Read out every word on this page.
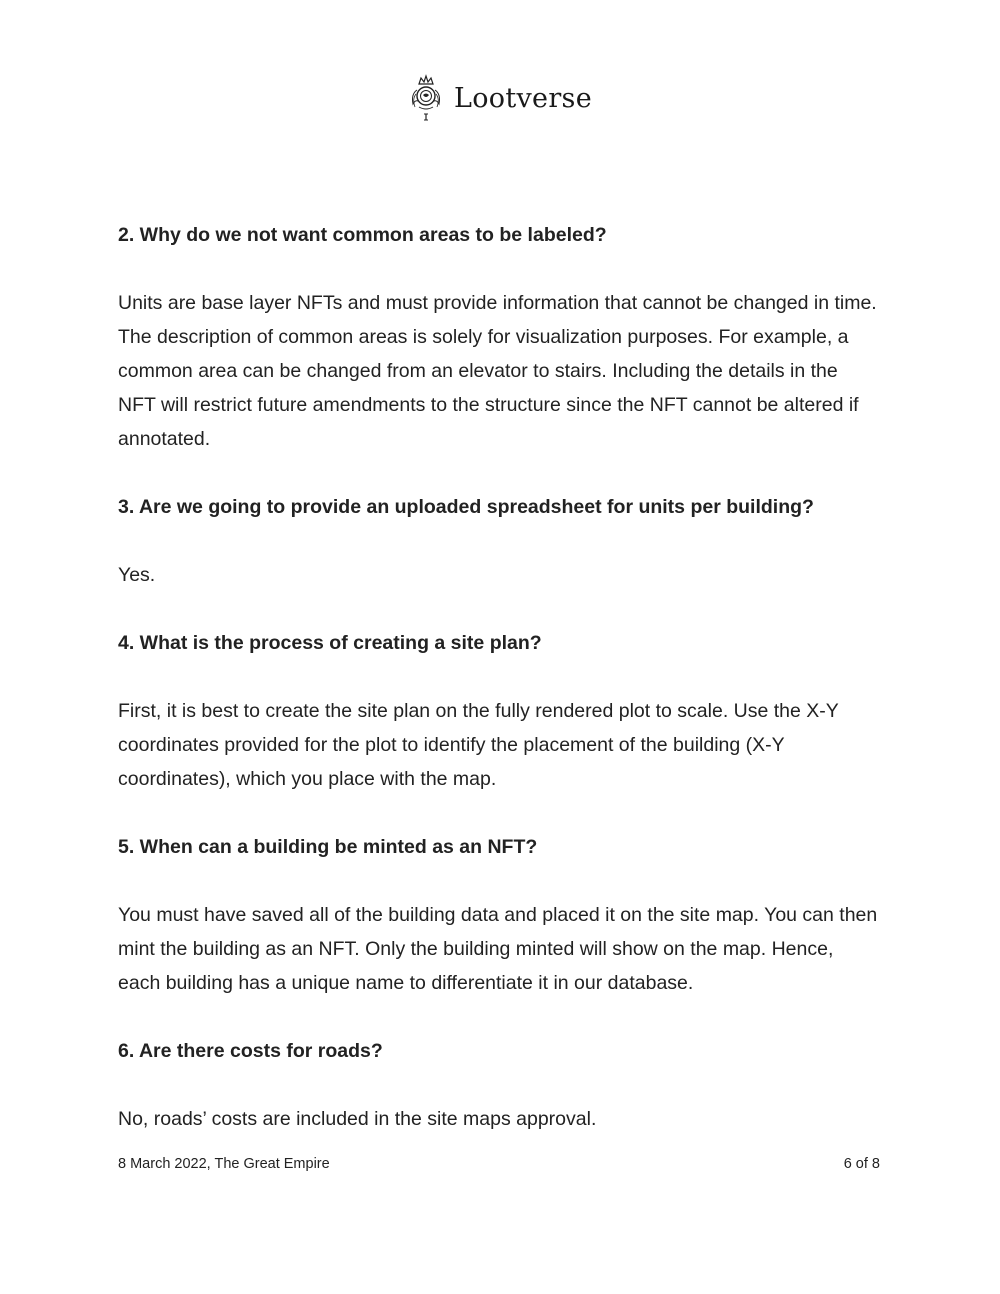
Lootverse

2. Why do we not want common areas to be labeled?

Units are base layer NFTs and must provide information that cannot be changed in time.

The description of common areas is solely for visualization purposes. For example, a

common area can be changed from an elevator to stairs. Including the details in the

NFT will restrict future amendments to the structure since the NFT cannot be altered if

annotated.

3. Are we going to provide an uploaded spreadsheet for units per building?

Yes.

4. What is the process of creating a site plan?

First, it is best to create the site plan on the fully rendered plot to scale. Use the X-Y

coordinates provided for the plot to identify the placement of the building (X-Y

coordinates), which you place with the map.

5. When can a building be minted as an NFT?

You must have saved all of the building data and placed it on the site map. You can then

mint the building as an NFT. Only the building minted will show on the map. Hence,

each building has a unique name to differentiate it in our database.

6. Are there costs for roads?

No, roads’ costs are included in the site maps approval.

8 March 2022, The Great Empire	6 of 8
